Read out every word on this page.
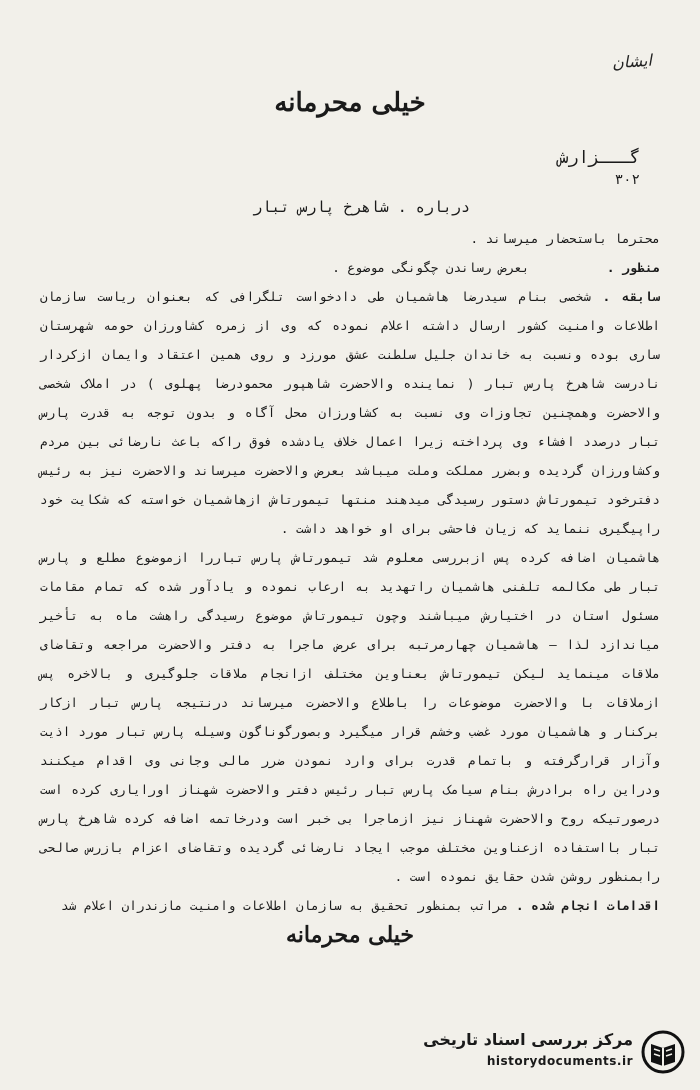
ایشان
خیلی محرمانه
گـــزارش
۳۰۲
درباره . شاهرخ پارس تبار

محترما باستحضار میرساند .

منظور . بعرض رساندن چگونگی موضوع .

سابقه . شخصی بنام سیدرضا هاشمیان طی دادخواست تلگرافی که بعنوان ریاست سازمان اطلاعات وامنیت کشور ارسال داشته اعلام نموده که وی از زمره کشاورزان حومه شهرستان ساری بوده ونسبت به خاندان جلیل سلطنت عشق مورزد و روی همین اعتقاد وایمان ازکردار نادرست شاهرخ پارس تبار ( نماینده والاحضرت شاهپور محمودرضا پهلوی ) در املاک شخصی والاحضرت وهمچنین تجاوزات وی نسبت به کشاورزان محل آگاه و بدون توجه به قدرت پارس تبار درصدد افشاء وی پرداخته زیرا اعمال خلاف یادشده فوق راکه باعث نارضائی بین مردم وکشاورزان گردیده وبضرر مملکت وملت میباشد بعرض والاحضرت میرساند والاحضرت نیز به رئیس دفترخود تیمورتاش دستور رسیدگی میدهند منتها تیمورتاش ازهاشمیان خواسته که شکایت خود راپیگیری ننماید که زیان فاحشی برای او خواهد داشت .

هاشمیان اضافه کرده پس ازبررسی معلوم شد تیمورتاش پارس تباررا ازموضوع مطلع و پارس تبار طی مکالمه تلفنی هاشمیان راتهدید به ارعاب نموده و یادآور شده که تمام مقامات مسئول استان در اختیارش میباشند وچون تیمورتاش موضوع رسیدگی راهشت ماه به تأخیر میاندازد لذا — هاشمیان چهارمرتبه برای عرض ماجرا به دفتر والاحضرت مراجعه وتقاضای ملاقات مینماید لیکن تیمورتاش بعناوین مختلف ازانجام ملاقات جلوگیری و بالاخره پس ازملاقات با والاحضرت موضوعات را باطلاع والاحضرت میرساند درنتیجه پارس تبار ازکار برکنار و هاشمیان مورد غضب وخشم قرار میگیرد وبصورگوناگون وسیله پارس تبار مورد اذیت وآزار قرارگرفته و باتمام قدرت برای وارد نمودن ضرر مالی وجانی وی اقدام میکنند ودراین راه برادرش بنام سیامک پارس تبار رئیس دفتر والاحضرت شهناز اورایاری کرده است درصورتیکه روح والاحضرت شهناز نیز ازماجرا بی خبر است ودرخاتمه اضافه کرده شاهرخ پارس تبار بااستفاده ازعناوین مختلف موجب ایجاد نارضائی گردیده وتقاضای اعزام بازرس صالحی رابمنظور روشن شدن حقایق نموده است .

اقدامات انجام شده . مراتب بمنظور تحقیق به سازمان اطلاعات وامنیت مازندران اعلام شد

خیلی محرمانه
مرکز بررسی اسناد تاریخی
historydocuments.ir
